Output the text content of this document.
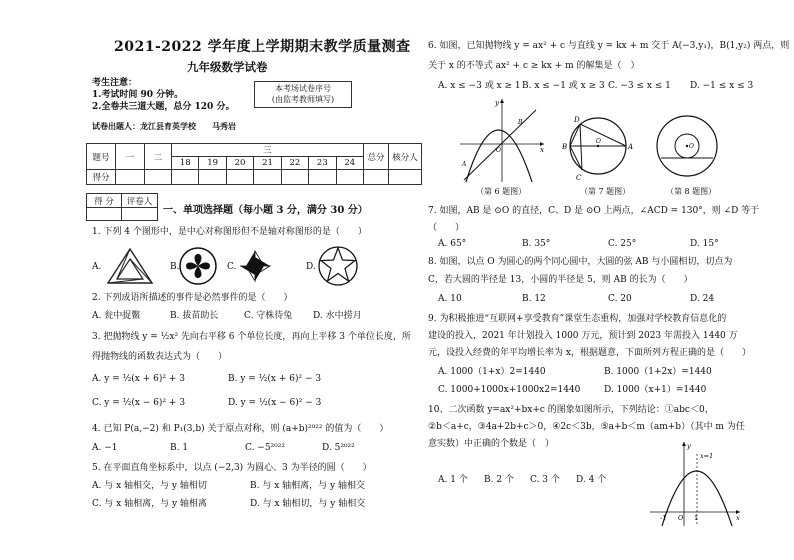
2021-2022 学年度上学期期末教学质量测查
九年级数学试卷
考生注意：
1.考试时间 90 分钟。
2.全卷共三道大题，总分 120 分。
本考场试卷序号
(由监考教师填写)
试卷出题人：龙江县育英学校　　马秀岩
题号	一	二	三							总分	核分人
			18	19	20	21	22	23	24		
得分											
得 分	评卷人

一、单项选择题（每小题 3 分，满分 30 分）
1. 下列 4 个图形中，是中心对称图形但不是轴对称图形的是（　　）
A.	B.	C.	D.
2. 下列成语所描述的事件是必然事件的是（　　）
A. 瓮中捉鳖	B. 拔苗助长	C. 守株待兔 D. 水中捞月
3. 把抛物线 y = ½x² 先向右平移 6 个单位长度，再向上平移 3 个单位长度，所
得抛物线的函数表达式为（　　）
A. y = ½(x + 6)² + 3	B. y = ½(x + 6)² − 3
C. y = ½(x − 6)² + 3	D. y = ½(x − 6)² − 3
4. 已知 P(a,−2) 和 P₁(3,b) 关于原点对称，则 (a+b)²⁰²² 的值为（　　）
A. −1	B. 1	C. −5²⁰²²	D. 5²⁰²²
5. 在平面直角坐标系中，以点 (−2,3) 为圆心、3 为半径的圆（　　）
A. 与 x 轴相交，与 y 轴相切	B. 与 x 轴相离，与 y 轴相交
C. 与 x 轴相离，与 y 轴相离	D. 与 x 轴相切，与 y 轴相交
6. 如图，已知抛物线 y = ax² + c 与直线 y = kx + m 交于 A(−3,y₁)，B(1,y₂) 两点，则
关于 x 的不等式 ax² + c ≥ kx + m 的解集是（　）
A. x ≤ −3 或 x ≥ 1 B. x ≤ −1 或 x ≥ 3 C. −3 ≤ x ≤ 1 D. −1 ≤ x ≤ 3
y
x
O
A
B
（第 6 题图）
D
B	A
C
O
（第 7 题图）
O
（第 8 题图）
7. 如图，AB 是 ⊙O 的直径，C、D 是 ⊙O 上两点，∠ACD = 130°，则 ∠D 等于
（　　）
A. 65°	B. 35°	C. 25°	D. 15°
8. 如图，以点 O 为圆心的两个同心圆中，大圆的弦 AB 与小圆相切，切点为
C，若大圆的半径是 13，小圆的半径是 5，则 AB 的长为（　　）
A. 10	B. 12	C. 20	D. 24
9. 为积极推进“互联网+享受教育”课堂生态重构，加强对学校教育信息化的
建设的投入，2021 年计划投入 1000 万元，预计到 2023 年需投入 1440 万
元，设投入经费的年平均增长率为 x，根据题意，下面所列方程正确的是（　　）
A. 1000（1+x）2=1440	B. 1000（1+2x）=1440
C. 1000+1000x+1000x2=1440	D. 1000（x+1）=1440
10、二次函数 y=ax²+bx+c 的图象如图所示，下列结论：①abc＜0，
②b＜a+c，③4a+2b+c＞0，④2c＜3b，⑤a+b＜m（am+b）（其中 m 为任
意实数）中正确的个数是（　）
A. 1 个 B. 2 个 C. 3 个 D. 4 个
x=1
-1 O 1	x
y
